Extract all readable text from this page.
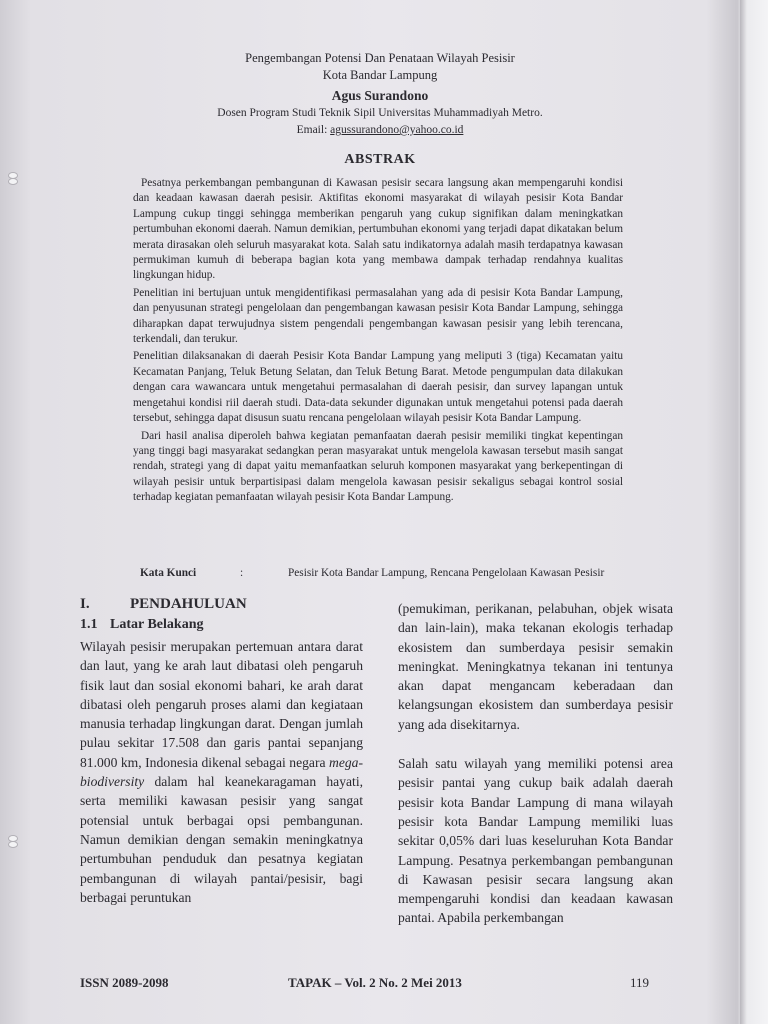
Pengembangan Potensi Dan Penataan Wilayah Pesisir
Kota Bandar Lampung
Agus Surandono
Dosen Program Studi Teknik Sipil Universitas Muhammadiyah Metro.
Email: agussurandono@yahoo.co.id
ABSTRAK

Pesatnya perkembangan pembangunan di Kawasan pesisir secara langsung akan mempengaruhi kondisi dan keadaan kawasan daerah pesisir. Aktifitas ekonomi masyarakat di wilayah pesisir Kota Bandar Lampung cukup tinggi sehingga memberikan pengaruh yang cukup signifikan dalam meningkatkan pertumbuhan ekonomi daerah. Namun demikian, pertumbuhan ekonomi yang terjadi dapat dikatakan belum merata dirasakan oleh seluruh masyarakat kota. Salah satu indikatornya adalah masih terdapatnya kawasan permukiman kumuh di beberapa bagian kota yang membawa dampak terhadap rendahnya kualitas lingkungan hidup.

Penelitian ini bertujuan untuk mengidentifikasi permasalahan yang ada di pesisir Kota Bandar Lampung, dan penyusunan strategi pengelolaan dan pengembangan kawasan pesisir Kota Bandar Lampung, sehingga diharapkan dapat terwujudnya sistem pengendali pengembangan kawasan pesisir yang lebih terencana, terkendali, dan terukur.

Penelitian dilaksanakan di daerah Pesisir Kota Bandar Lampung yang meliputi 3 (tiga) Kecamatan yaitu Kecamatan Panjang, Teluk Betung Selatan, dan Teluk Betung Barat. Metode pengumpulan data dilakukan dengan cara wawancara untuk mengetahui permasalahan di daerah pesisir, dan survey lapangan untuk mengetahui kondisi riil daerah studi. Data-data sekunder digunakan untuk mengetahui potensi pada daerah tersebut, sehingga dapat disusun suatu rencana pengelolaan wilayah pesisir Kota Bandar Lampung.

Dari hasil analisa diperoleh bahwa kegiatan pemanfaatan daerah pesisir memiliki tingkat kepentingan yang tinggi bagi masyarakat sedangkan peran masyarakat untuk mengelola kawasan tersebut masih sangat rendah, strategi yang di dapat yaitu memanfaatkan seluruh komponen masyarakat yang berkepentingan di wilayah pesisir untuk berpartisipasi dalam mengelola kawasan pesisir sekaligus sebagai kontrol sosial terhadap kegiatan pemanfaatan wilayah pesisir Kota Bandar Lampung.

Kata Kunci	:	Pesisir Kota Bandar Lampung, Rencana Pengelolaan Kawasan Pesisir
I.	PENDAHULUAN
1.1 Latar Belakang

Wilayah pesisir merupakan pertemuan antara darat dan laut, yang ke arah laut dibatasi oleh pengaruh fisik laut dan sosial ekonomi bahari, ke arah darat dibatasi oleh pengaruh proses alami dan kegiataan manusia terhadap lingkungan darat. Dengan jumlah pulau sekitar 17.508 dan garis pantai sepanjang 81.000 km, Indonesia dikenal sebagai negara mega-biodiversity dalam hal keanekaragaman hayati, serta memiliki kawasan pesisir yang sangat potensial untuk berbagai opsi pembangunan. Namun demikian dengan semakin meningkatnya pertumbuhan penduduk dan pesatnya kegiatan pembangunan di wilayah pantai/pesisir, bagi berbagai peruntukan

(pemukiman, perikanan, pelabuhan, objek wisata dan lain-lain), maka tekanan ekologis terhadap ekosistem dan sumberdaya pesisir semakin meningkat. Meningkatnya tekanan ini tentunya akan dapat mengancam keberadaan dan kelangsungan ekosistem dan sumberdaya pesisir yang ada disekitarnya.

Salah satu wilayah yang memiliki potensi area pesisir pantai yang cukup baik adalah daerah pesisir kota Bandar Lampung di mana wilayah pesisir kota Bandar Lampung memiliki luas sekitar 0,05% dari luas keseluruhan Kota Bandar Lampung. Pesatnya perkembangan pembangunan di Kawasan pesisir secara langsung akan mempengaruhi kondisi dan keadaan kawasan pantai. Apabila perkembangan

ISSN 2089-2098	TAPAK – Vol. 2 No. 2 Mei 2013	119
